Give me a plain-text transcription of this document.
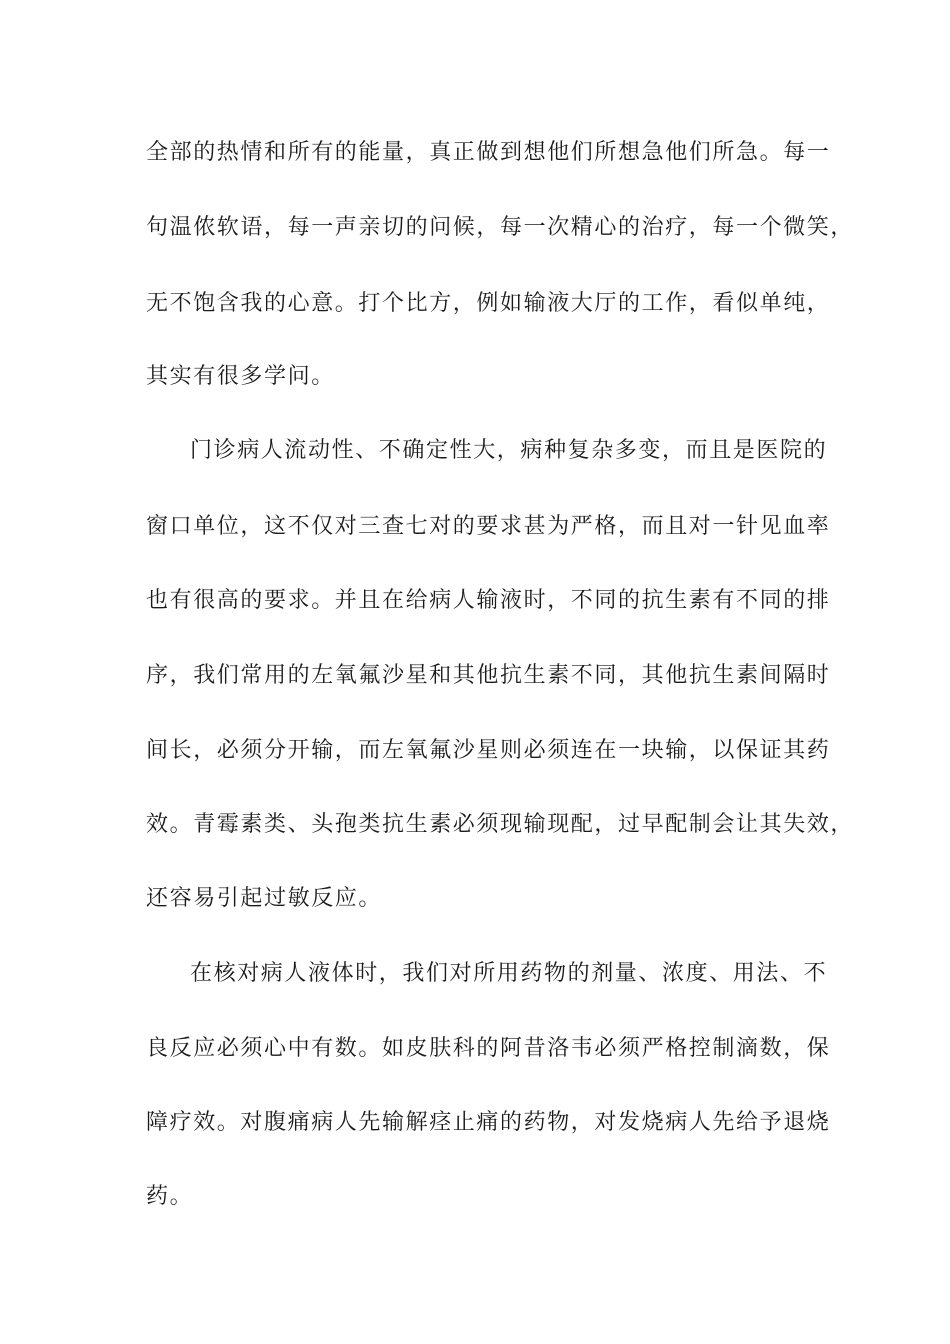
全部的热情和所有的能量，真正做到想他们所想急他们所急。每一
句温侬软语，每一声亲切的问候，每一次精心的治疗，每一个微笑，
无不饱含我的心意。打个比方，例如输液大厅的工作，看似单纯，
其实有很多学问。
门诊病人流动性、不确定性大，病种复杂多变，而且是医院的
窗口单位，这不仅对三查七对的要求甚为严格，而且对一针见血率
也有很高的要求。并且在给病人输液时，不同的抗生素有不同的排
序，我们常用的左氧氟沙星和其他抗生素不同，其他抗生素间隔时
间长，必须分开输，而左氧氟沙星则必须连在一块输，以保证其药
效。青霉素类、头孢类抗生素必须现输现配，过早配制会让其失效，
还容易引起过敏反应。
在核对病人液体时，我们对所用药物的剂量、浓度、用法、不
良反应必须心中有数。如皮肤科的阿昔洛韦必须严格控制滴数，保
障疗效。对腹痛病人先输解痉止痛的药物，对发烧病人先给予退烧
药。
